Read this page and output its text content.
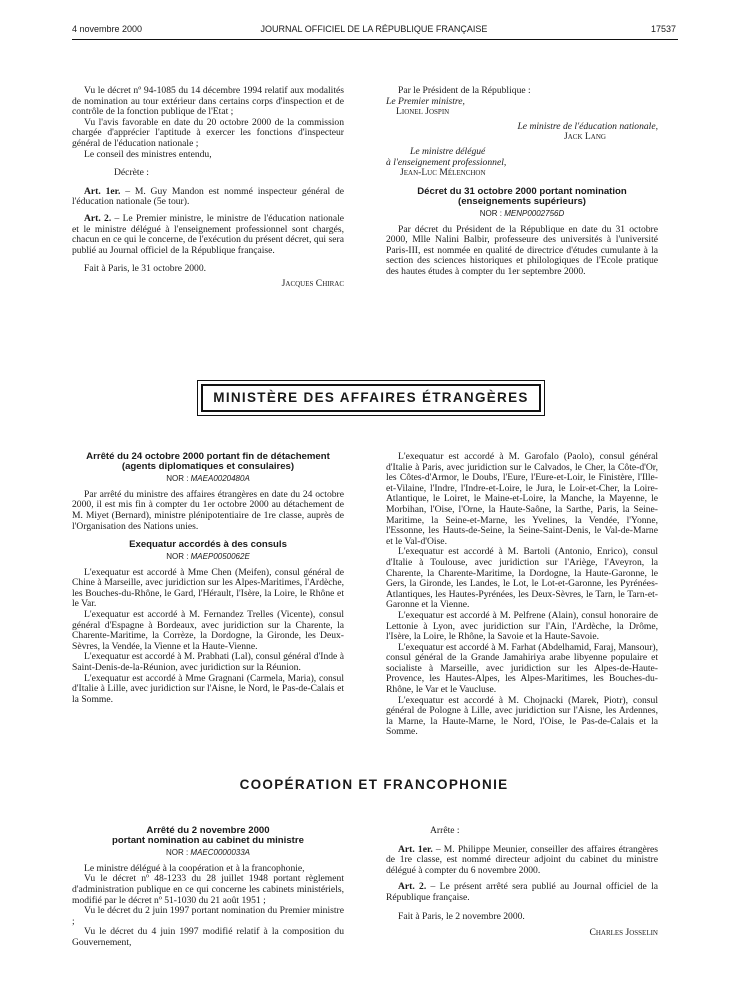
4 novembre 2000	JOURNAL OFFICIEL DE LA RÉPUBLIQUE FRANÇAISE	17537

Vu le décret nº 94-1085 du 14 décembre 1994 relatif aux modalités de nomination au tour extérieur dans certains corps d'inspection et de contrôle de la fonction publique de l'Etat ;

Vu l'avis favorable en date du 20 octobre 2000 de la commission chargée d'apprécier l'aptitude à exercer les fonctions d'inspecteur général de l'éducation nationale ;

Le conseil des ministres entendu,

Décrète :

Art. 1er. – M. Guy Mandon est nommé inspecteur général de l'éducation nationale (5e tour).

Art. 2. – Le Premier ministre, le ministre de l'éducation nationale et le ministre délégué à l'enseignement professionnel sont chargés, chacun en ce qui le concerne, de l'exécution du présent décret, qui sera publié au Journal officiel de la République française.

Fait à Paris, le 31 octobre 2000.

Jacques Chirac

Par le Président de la République :

Le Premier ministre,

Lionel Jospin

Le ministre de l'éducation nationale,

Jack Lang

Le ministre délégué

à l'enseignement professionnel,

Jean-Luc Mélenchon

Décret du 31 octobre 2000 portant nomination
(enseignements supérieurs)
NOR : MENP0002756D

Par décret du Président de la République en date du 31 octobre 2000, Mlle Nalini Balbir, professeure des universités à l'université Paris-III, est nommée en qualité de directrice d'études cumulante à la section des sciences historiques et philologiques de l'Ecole pratique des hautes études à compter du 1er septembre 2000.

MINISTÈRE DES AFFAIRES ÉTRANGÈRES
Arrêté du 24 octobre 2000 portant fin de détachement
(agents diplomatiques et consulaires)
NOR : MAEA0020480A

Par arrêté du ministre des affaires étrangères en date du 24 octobre 2000, il est mis fin à compter du 1er octobre 2000 au détachement de M. Miyet (Bernard), ministre plénipotentiaire de 1re classe, auprès de l'Organisation des Nations unies.

Exequatur accordés à des consuls
NOR : MAEP0050062E

L'exequatur est accordé à Mme Chen (Meifen), consul général de Chine à Marseille, avec juridiction sur les Alpes-Maritimes, l'Ardèche, les Bouches-du-Rhône, le Gard, l'Hérault, l'Isère, la Loire, le Rhône et le Var.

L'exequatur est accordé à M. Fernandez Trelles (Vicente), consul général d'Espagne à Bordeaux, avec juridiction sur la Charente, la Charente-Maritime, la Corrèze, la Dordogne, la Gironde, les Deux-Sèvres, la Vendée, la Vienne et la Haute-Vienne.

L'exequatur est accordé à M. Prabhati (Lal), consul général d'Inde à Saint-Denis-de-la-Réunion, avec juridiction sur la Réunion.

L'exequatur est accordé à Mme Gragnani (Carmela, Maria), consul d'Italie à Lille, avec juridiction sur l'Aisne, le Nord, le Pas-de-Calais et la Somme.

L'exequatur est accordé à M. Garofalo (Paolo), consul général d'Italie à Paris, avec juridiction sur le Calvados, le Cher, la Côte-d'Or, les Côtes-d'Armor, le Doubs, l'Eure, l'Eure-et-Loir, le Finistère, l'Ille-et-Vilaine, l'Indre, l'Indre-et-Loire, le Jura, le Loir-et-Cher, la Loire-Atlantique, le Loiret, le Maine-et-Loire, la Manche, la Mayenne, le Morbihan, l'Oise, l'Orne, la Haute-Saône, la Sarthe, Paris, la Seine-Maritime, la Seine-et-Marne, les Yvelines, la Vendée, l'Yonne, l'Essonne, les Hauts-de-Seine, la Seine-Saint-Denis, le Val-de-Marne et le Val-d'Oise.

L'exequatur est accordé à M. Bartoli (Antonio, Enrico), consul d'Italie à Toulouse, avec juridiction sur l'Ariège, l'Aveyron, la Charente, la Charente-Maritime, la Dordogne, la Haute-Garonne, le Gers, la Gironde, les Landes, le Lot, le Lot-et-Garonne, les Pyrénées-Atlantiques, les Hautes-Pyrénées, les Deux-Sèvres, le Tarn, le Tarn-et-Garonne et la Vienne.

L'exequatur est accordé à M. Pelfrene (Alain), consul honoraire de Lettonie à Lyon, avec juridiction sur l'Ain, l'Ardèche, la Drôme, l'Isère, la Loire, le Rhône, la Savoie et la Haute-Savoie.

L'exequatur est accordé à M. Farhat (Abdelhamid, Faraj, Mansour), consul général de la Grande Jamahiriya arabe libyenne populaire et socialiste à Marseille, avec juridiction sur les Alpes-de-Haute-Provence, les Hautes-Alpes, les Alpes-Maritimes, les Bouches-du-Rhône, le Var et le Vaucluse.

L'exequatur est accordé à M. Chojnacki (Marek, Piotr), consul général de Pologne à Lille, avec juridiction sur l'Aisne, les Ardennes, la Marne, la Haute-Marne, le Nord, l'Oise, le Pas-de-Calais et la Somme.

COOPÉRATION ET FRANCOPHONIE
Arrêté du 2 novembre 2000
portant nomination au cabinet du ministre
NOR : MAEC0000033A

Le ministre délégué à la coopération et à la francophonie,

Vu le décret nº 48-1233 du 28 juillet 1948 portant règlement d'administration publique en ce qui concerne les cabinets ministériels, modifié par le décret nº 51-1030 du 21 août 1951 ;

Vu le décret du 2 juin 1997 portant nomination du Premier ministre ;

Vu le décret du 4 juin 1997 modifié relatif à la composition du Gouvernement,

Arrête :

Art. 1er. – M. Philippe Meunier, conseiller des affaires étrangères de 1re classe, est nommé directeur adjoint du cabinet du ministre délégué à compter du 6 novembre 2000.

Art. 2. – Le présent arrêté sera publié au Journal officiel de la République française.

Fait à Paris, le 2 novembre 2000.

Charles Josselin
